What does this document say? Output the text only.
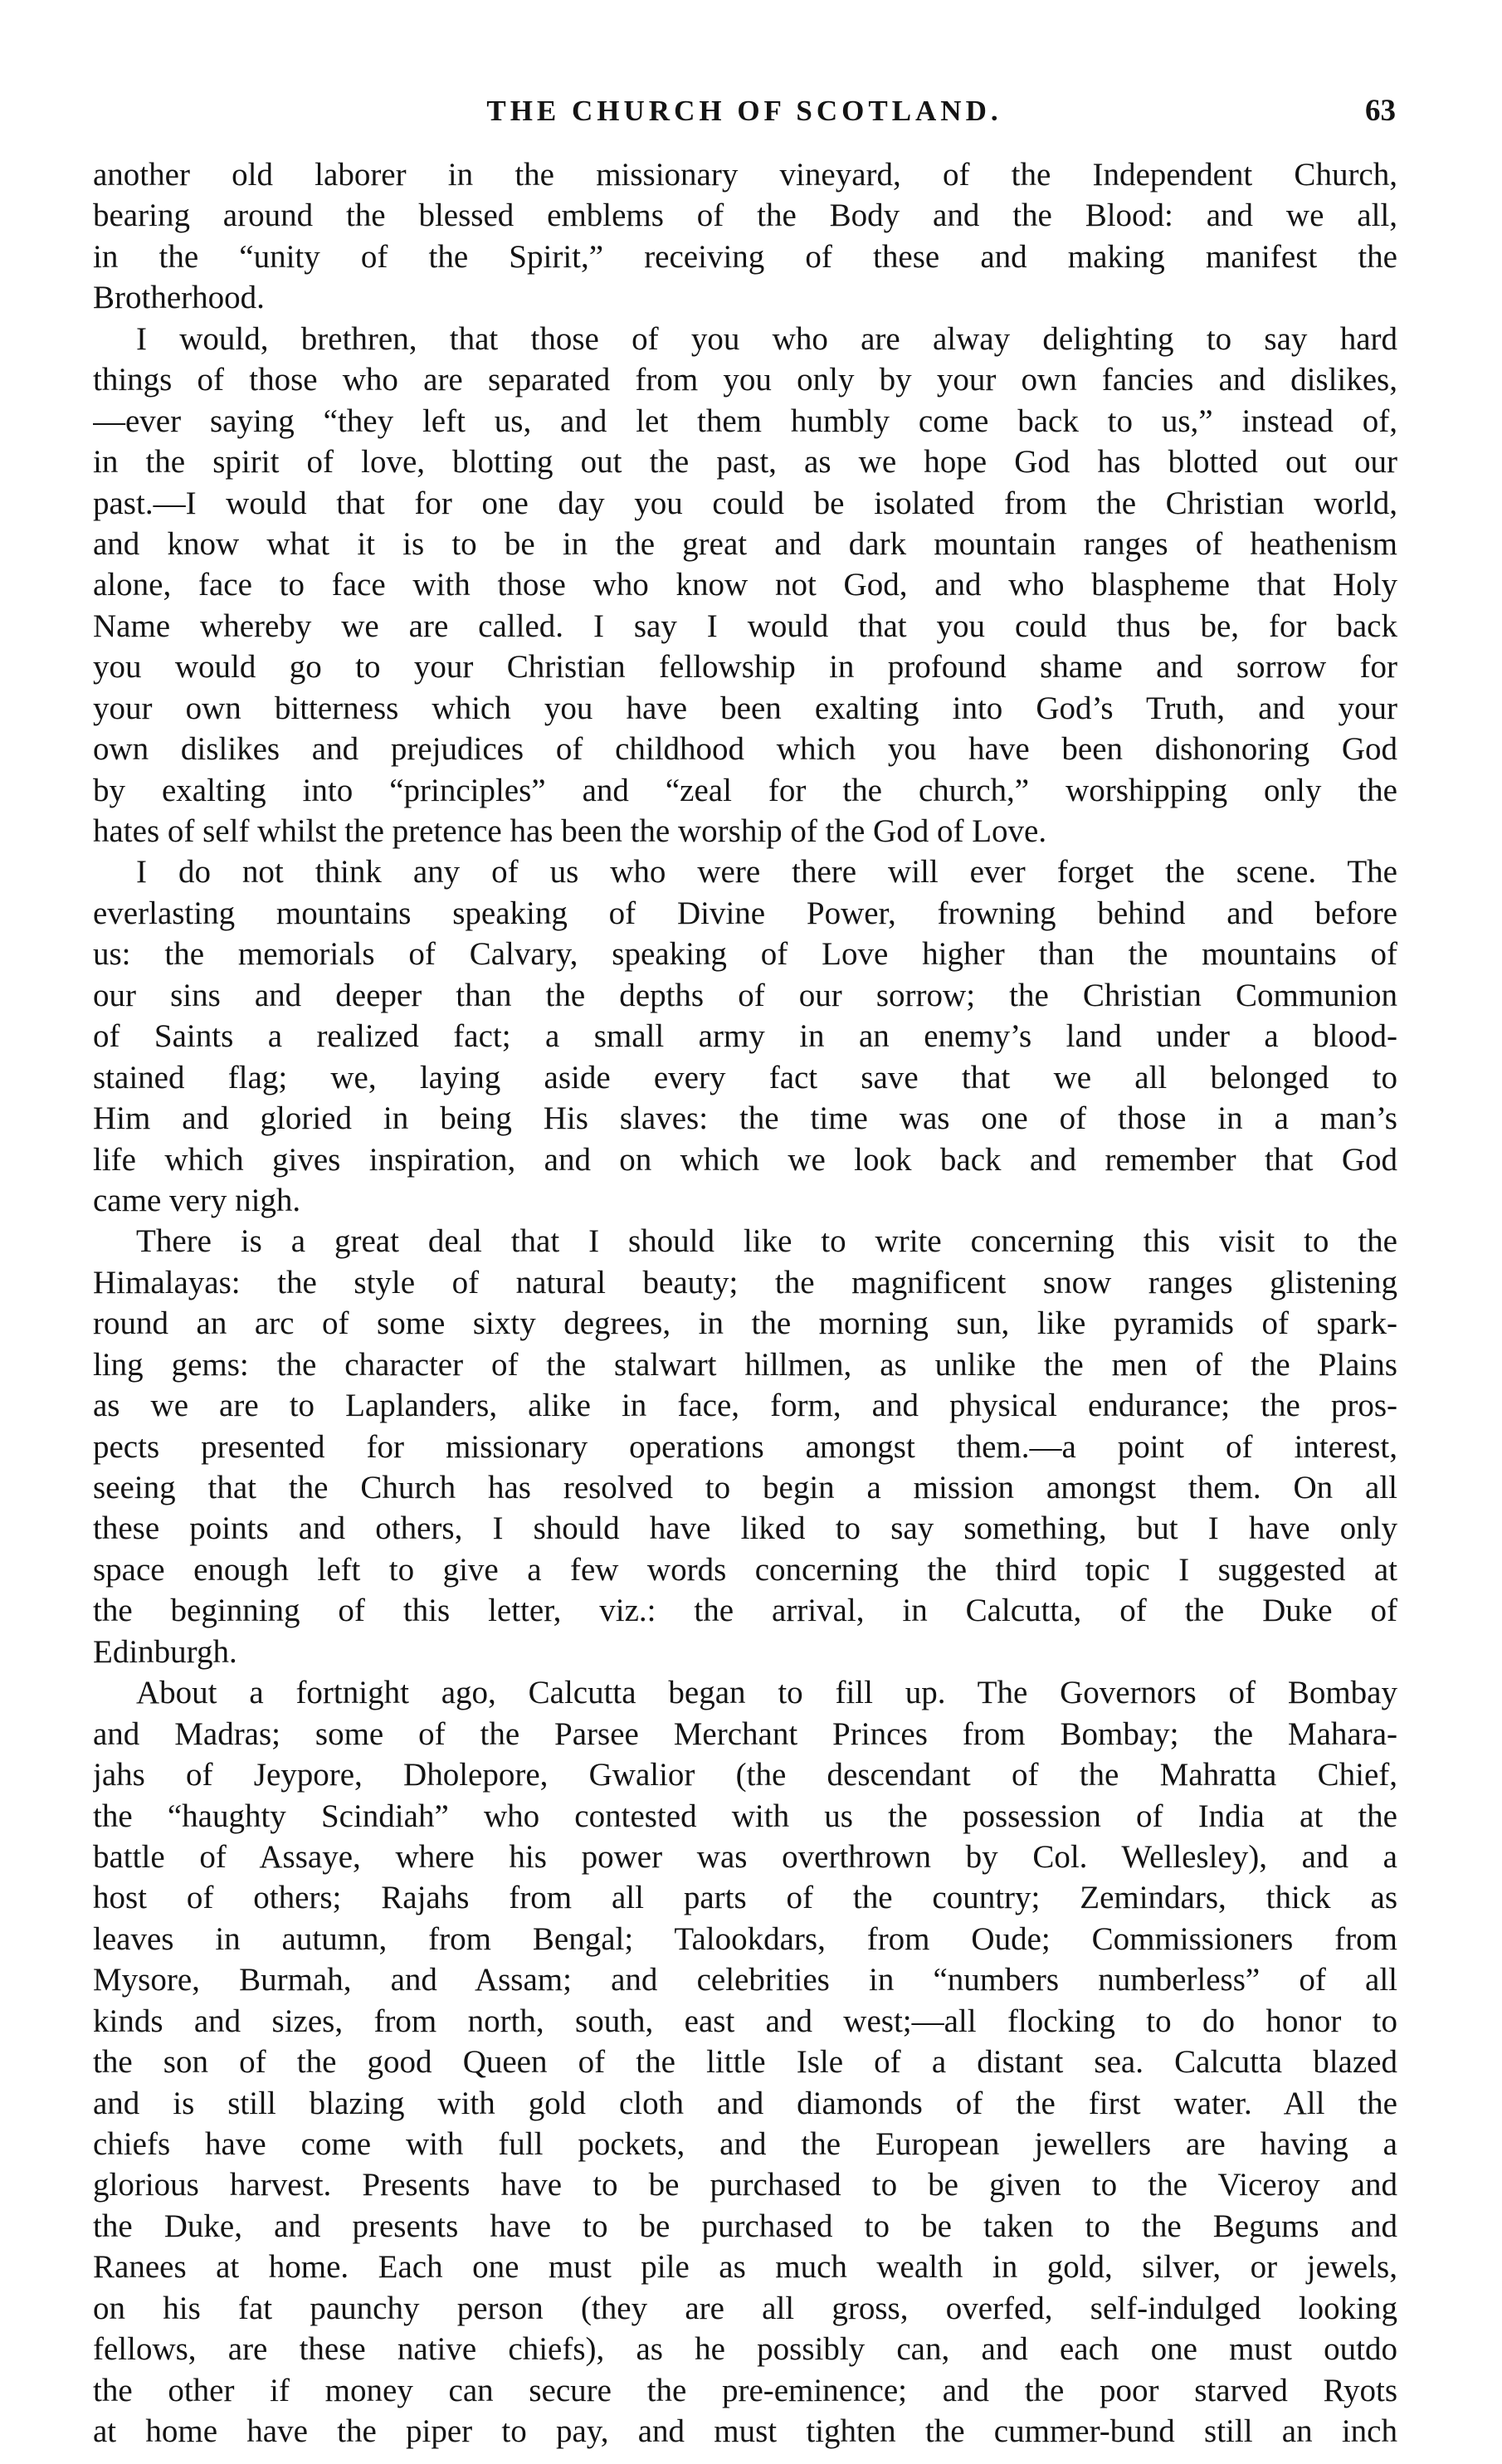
THE CHURCH OF SCOTLAND.	63
another old laborer in the missionary vineyard, of the Independent Church,
bearing around the blessed emblems of the Body and the Blood: and we all,
in the “unity of the Spirit,” receiving of these and making manifest the
Brotherhood.
I would, brethren, that those of you who are alway delighting to say hard
things of those who are separated from you only by your own fancies and dislikes,
—ever saying “they left us, and let them humbly come back to us,” instead of,
in the spirit of love, blotting out the past, as we hope God has blotted out our
past.—I would that for one day you could be isolated from the Christian world,
and know what it is to be in the great and dark mountain ranges of heathenism
alone, face to face with those who know not God, and who blaspheme that Holy
Name whereby we are called. I say I would that you could thus be, for back
you would go to your Christian fellowship in profound shame and sorrow for
your own bitterness which you have been exalting into God’s Truth, and your
own dislikes and prejudices of childhood which you have been dishonoring God
by exalting into “principles” and “zeal for the church,” worshipping only the
hates of self whilst the pretence has been the worship of the God of Love.
I do not think any of us who were there will ever forget the scene. The
everlasting mountains speaking of Divine Power, frowning behind and before
us: the memorials of Calvary, speaking of Love higher than the mountains of
our sins and deeper than the depths of our sorrow; the Christian Communion
of Saints a realized fact; a small army in an enemy’s land under a blood-
stained flag; we, laying aside every fact save that we all belonged to
Him and gloried in being His slaves: the time was one of those in a man’s
life which gives inspiration, and on which we look back and remember that God
came very nigh.
There is a great deal that I should like to write concerning this visit to the
Himalayas: the style of natural beauty; the magnificent snow ranges glistening
round an arc of some sixty degrees, in the morning sun, like pyramids of spark-
ling gems: the character of the stalwart hillmen, as unlike the men of the Plains
as we are to Laplanders, alike in face, form, and physical endurance; the pros-
pects presented for missionary operations amongst them.—a point of interest,
seeing that the Church has resolved to begin a mission amongst them. On all
these points and others, I should have liked to say something, but I have only
space enough left to give a few words concerning the third topic I suggested at
the beginning of this letter, viz.: the arrival, in Calcutta, of the Duke of
Edinburgh.
About a fortnight ago, Calcutta began to fill up. The Governors of Bombay
and Madras; some of the Parsee Merchant Princes from Bombay; the Mahara-
jahs of Jeypore, Dholepore, Gwalior (the descendant of the Mahratta Chief,
the “haughty Scindiah” who contested with us the possession of India at the
battle of Assaye, where his power was overthrown by Col. Wellesley), and a
host of others; Rajahs from all parts of the country; Zemindars, thick as
leaves in autumn, from Bengal; Talookdars, from Oude; Commissioners from
Mysore, Burmah, and Assam; and celebrities in “numbers numberless” of all
kinds and sizes, from north, south, east and west;—all flocking to do honor to
the son of the good Queen of the little Isle of a distant sea. Calcutta blazed
and is still blazing with gold cloth and diamonds of the first water. All the
chiefs have come with full pockets, and the European jewellers are having a
glorious harvest. Presents have to be purchased to be given to the Viceroy and
the Duke, and presents have to be purchased to be taken to the Begums and
Ranees at home. Each one must pile as much wealth in gold, silver, or jewels,
on his fat paunchy person (they are all gross, overfed, self-indulged looking
fellows, are these native chiefs), as he possibly can, and each one must outdo
the other if money can secure the pre-eminence; and the poor starved Ryots
at home have the piper to pay, and must tighten the cummer-bund still an inch
